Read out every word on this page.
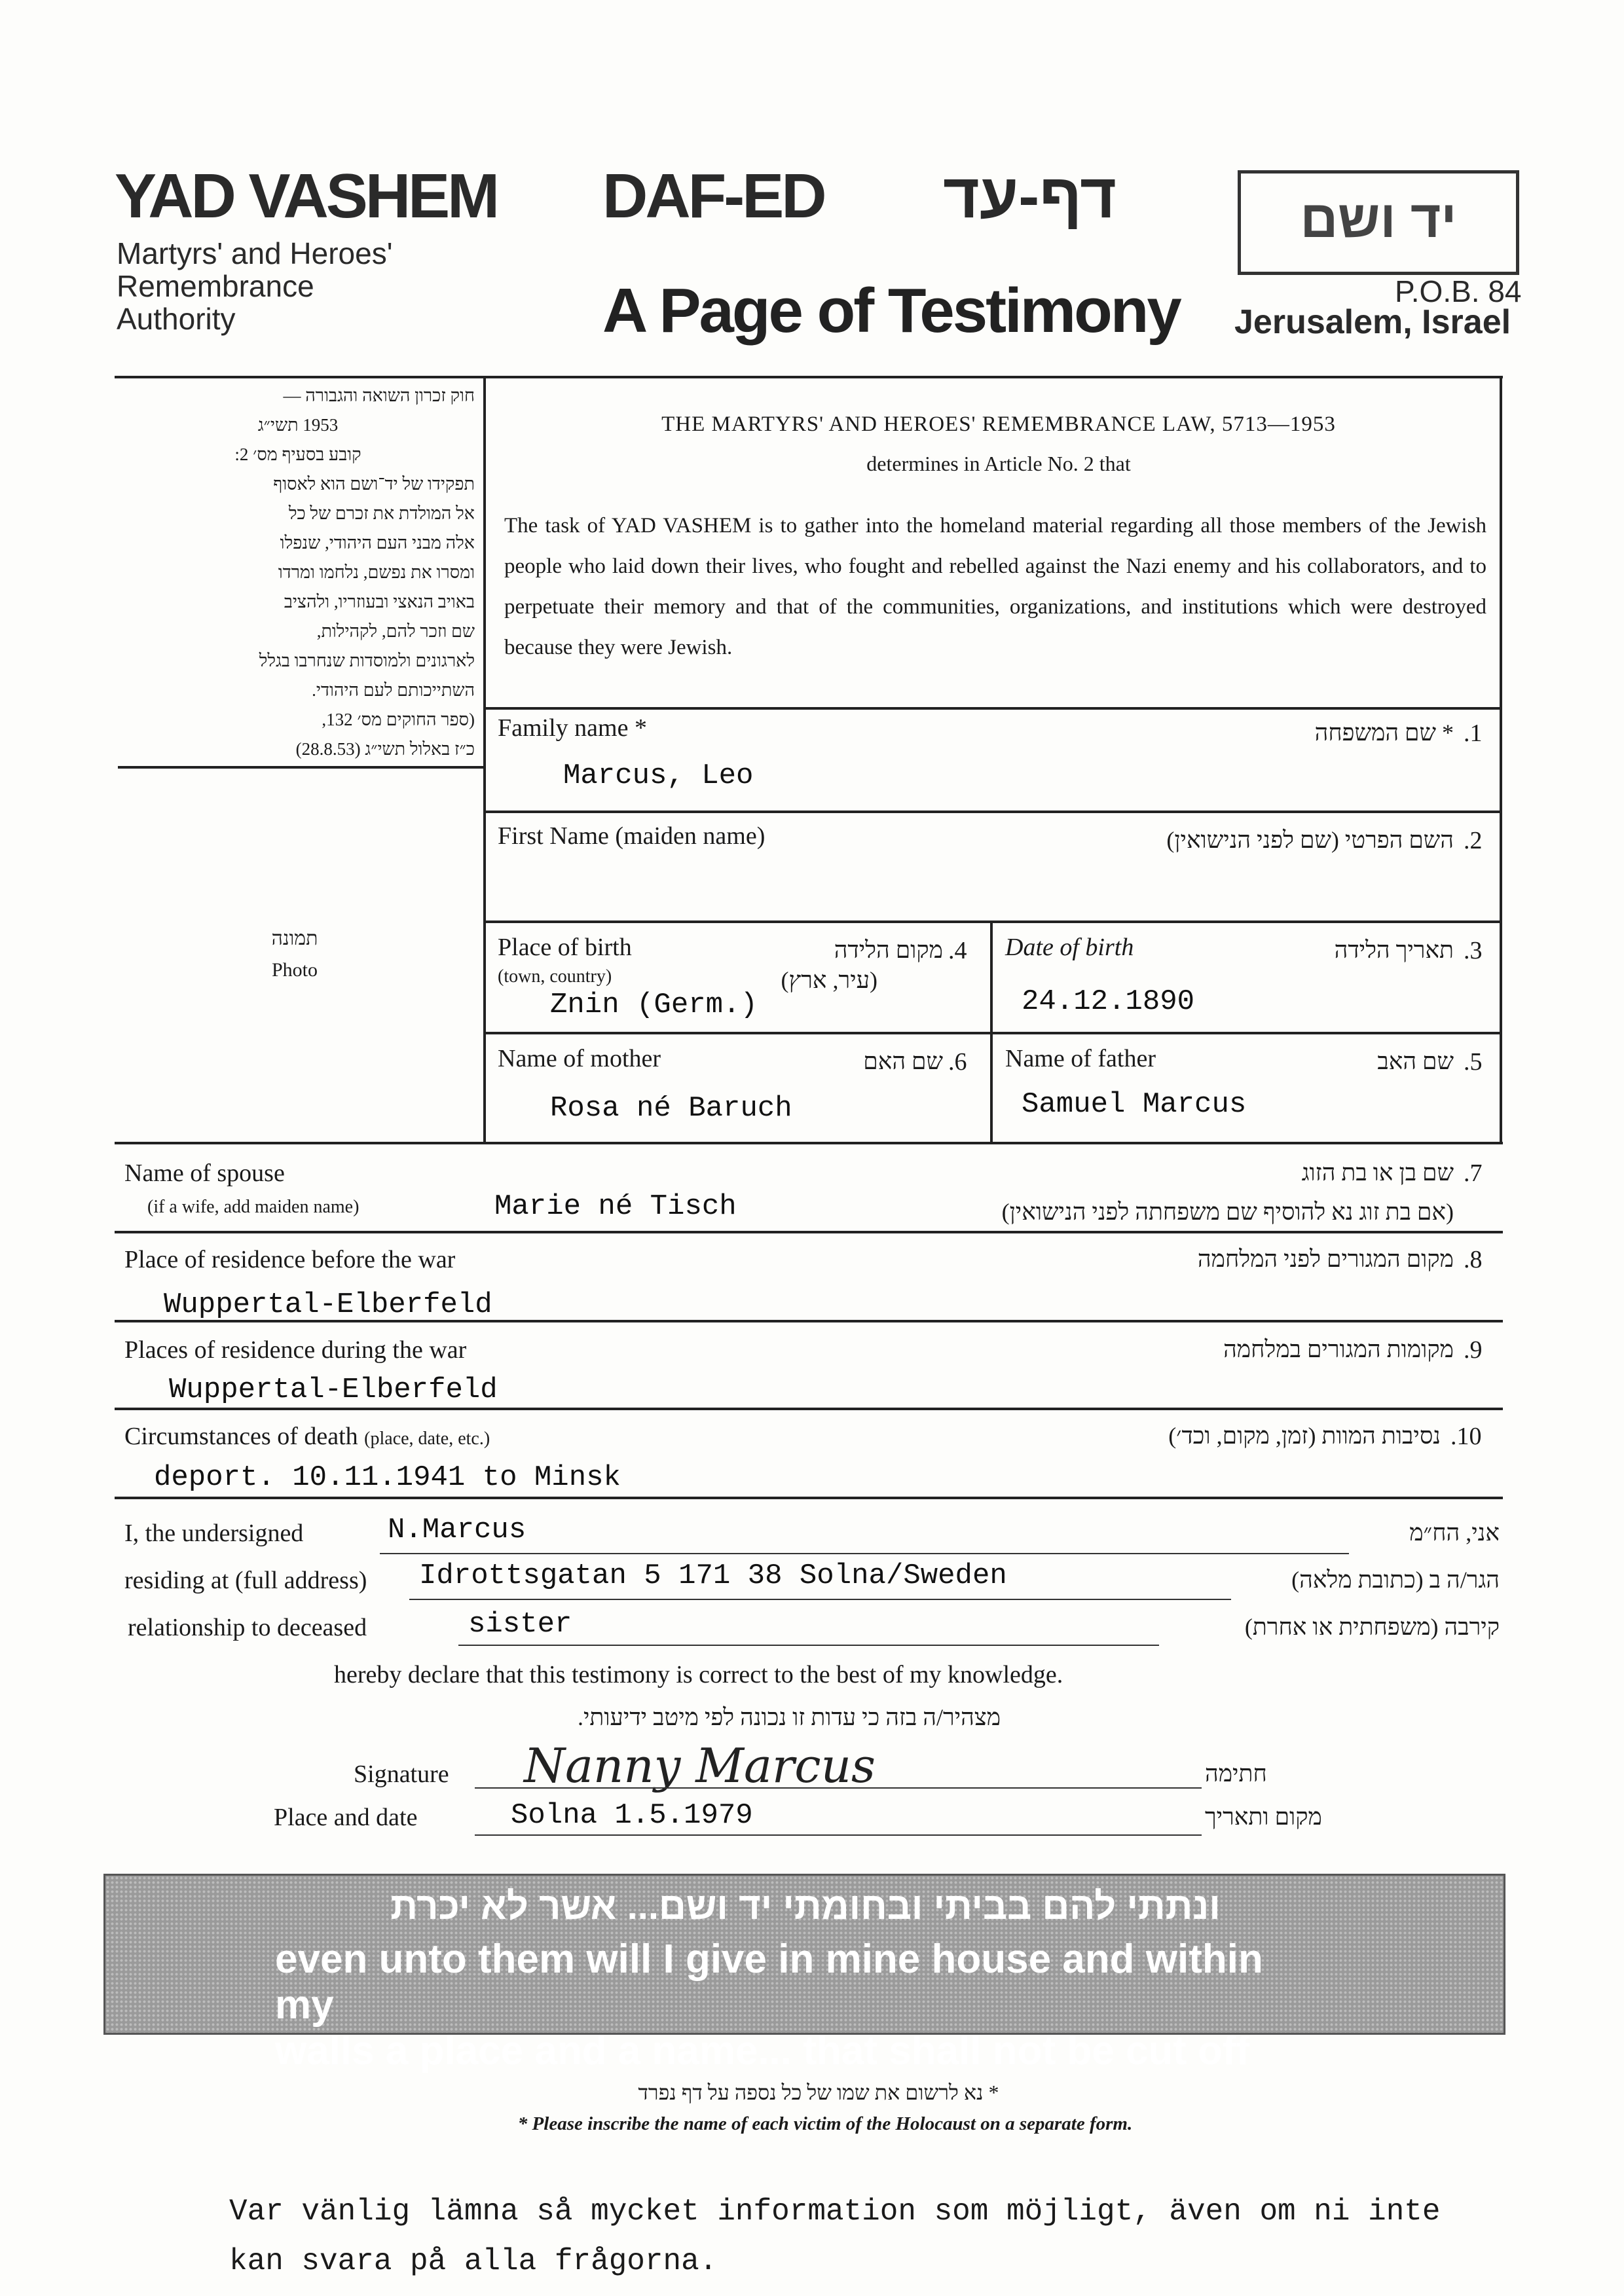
YAD VASHEM
Martyrs' and Heroes'
Remembrance
Authority
DAF-ED דף-עד
A Page of Testimony
יד ושם
P.O.B. 84
Jerusalem, Israel
חוק זכרון השואה והגבורה —
1953 תשי״ג
קובע בסעיף מס׳ 2:
תפקידו של יד־ושם הוא לאסוף
אל המולדת את זכרם של כל
אלה מבני העם היהודי, שנפלו
ומסרו את נפשם, נלחמו ומרדו
באויב הנאצי ובעוזריו, ולהציב
שם וזכר להם, לקהילות,
לארגונים ולמוסדות שנחרבו בגלל
השתייכותם לעם היהודי.
(ספר החוקים מס׳ 132,
כ״ז באלול תשי״ג (28.8.53)
THE MARTYRS' AND HEROES' REMEMBRANCE LAW, 5713—1953
determines in Article No. 2 that
The task of YAD VASHEM is to gather into the homeland material regarding all those members of the Jewish people who laid down their lives, who fought and rebelled against the Nazi enemy and his collaborators, and to perpetuate their memory and that of the communities, organizations, and institutions which were destroyed because they were Jewish.
תמונה
Photo
Family name *	* שם המשפחה .1
Marcus, Leo
First Name (maiden name)	השם הפרטי (שם לפני הנישואין) .2
Place of birth
(town, country)
מקום הלידה
(עיר, ארץ)
.4
Znin (Germ.)
Date of birth	תאריך הלידה .3
24.12.1890
Name of mother	שם האם .6
Rosa né Baruch
Name of father	שם האב .5
Samuel Marcus
Name of spouse
(if a wife, add maiden name)
שם בן או בת הזוג
(אם בת זוג נא להוסיף שם משפחתה לפני הנישואין)
.7
Marie né Tisch
Place of residence before the war	מקום המגורים לפני המלחמה .8
Wuppertal-Elberfeld
Places of residence during the war	מקומות המגורים במלחמה .9
Wuppertal-Elberfeld
Circumstances of death (place, date, etc.)	נסיבות המוות (זמן, מקום, וכד׳) .10
deport. 10.11.1941 to Minsk
I, the undersigned	N.Marcus	אני, הח״מ
residing at (full address) Idrottsgatan 5 171 38 Solna/Sweden	הגר/ה ב (כתובת מלאה)
relationship to deceased	sister	קירבה (משפחתית או אחרת)
hereby declare that this testimony is correct to the best of my knowledge.
מצהיר/ה בזה כי עדות זו נכונה לפי מיטב ידיעותי.
Signature Nanny Marcus	חתימה
Place and date	Solna 1.5.1979	מקום ותאריך
ונתתי להם בביתי ובחומתי יד ושם... אשר לא יכרת
even unto them will I give in mine house and within my
walls a place and a name... that shall not be cut off
* נא לרשום את שמו של כל נספה על דף נפרד
* Please inscribe the name of each victim of the Holocaust on a separate form.
Var vänlig lämna så mycket information som möjligt, även om ni inte
kan svara på alla frågorna.
